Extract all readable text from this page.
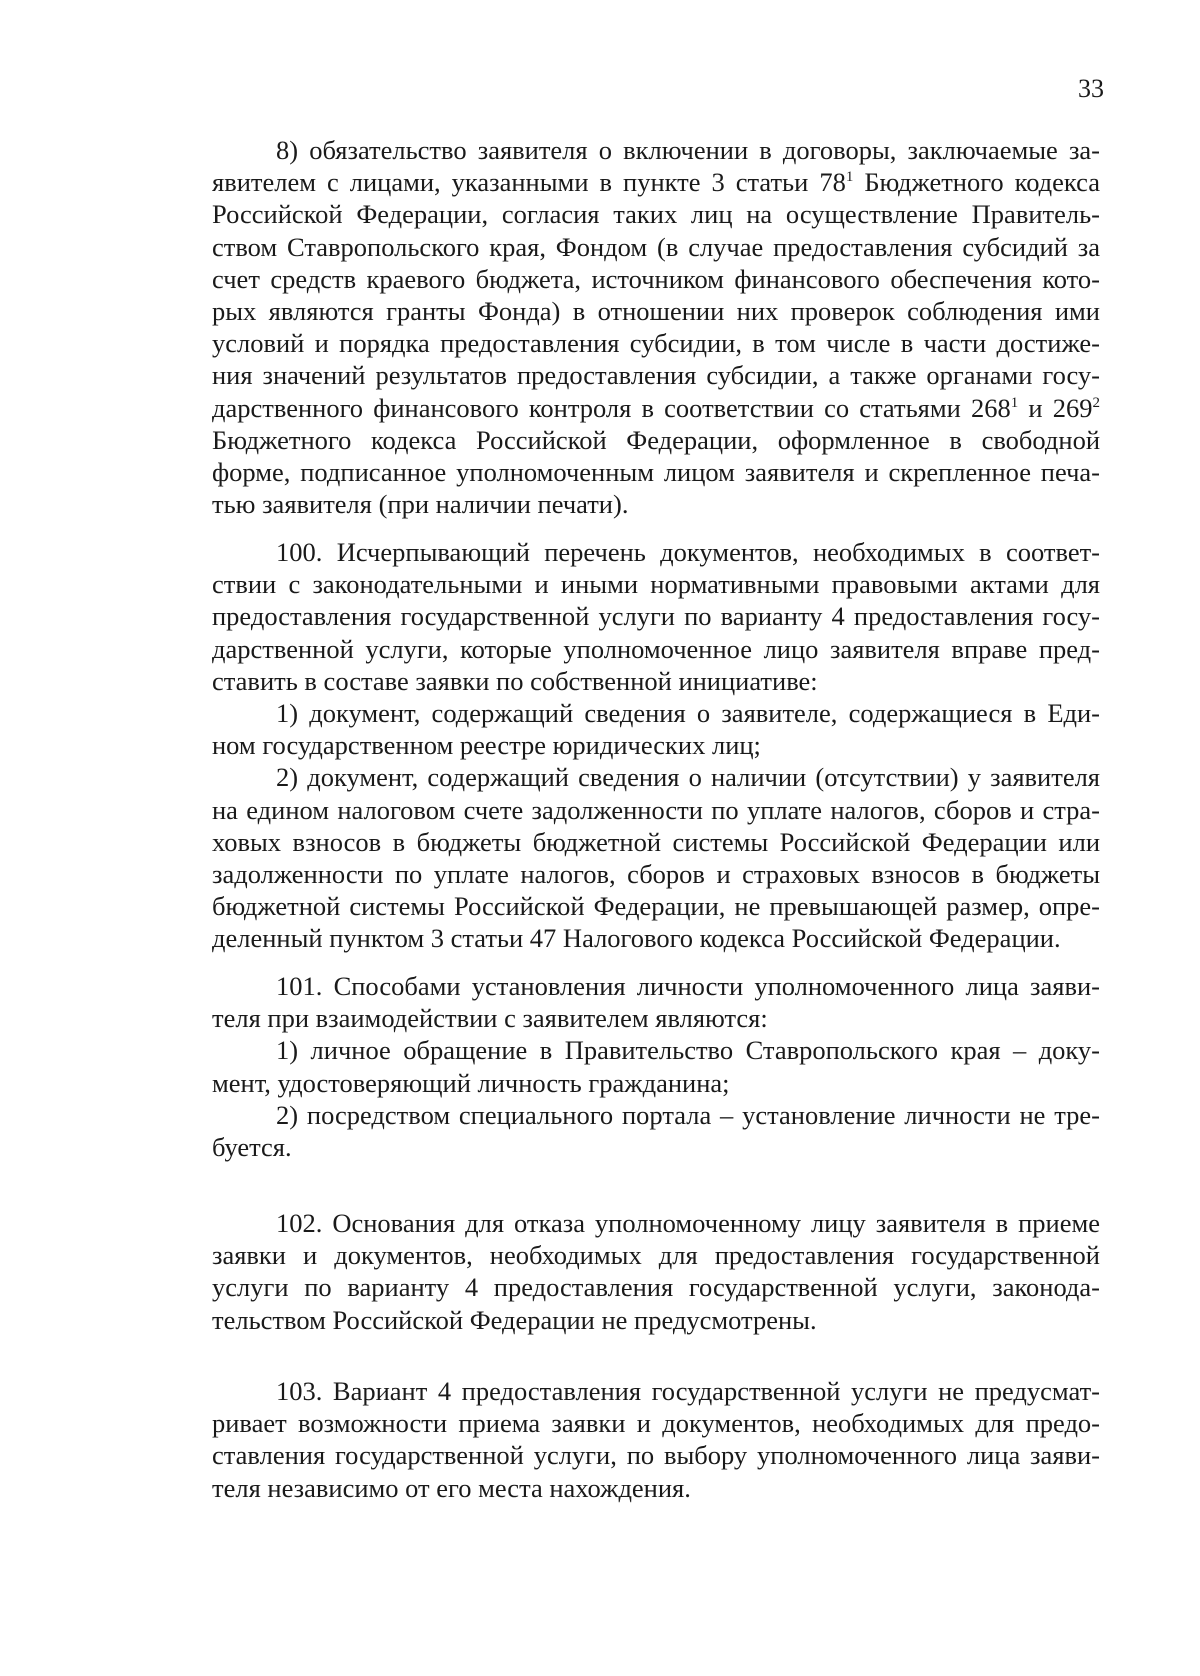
33
8) обязательство заявителя о включении в договоры, заключаемые за-
явителем с лицами, указанными в пункте 3 статьи $78^1$ Бюджетного кодекса
Российской Федерации, согласия таких лиц на осуществление Правитель-
ством Ставропольского края, Фондом (в случае предоставления субсидий за
счет средств краевого бюджета, источником финансового обеспечения кото-
рых являются гранты Фонда) в отношении них проверок соблюдения ими
условий и порядка предоставления субсидии, в том числе в части достиже-
ния значений результатов предоставления субсидии, а также органами госу-
дарственного финансового контроля в соответствии со статьями $268^1$ и $269^2$
Бюджетного кодекса Российской Федерации, оформленное в свободной
форме, подписанное уполномоченным лицом заявителя и скрепленное печа-
тью заявителя (при наличии печати).
100. Исчерпывающий перечень документов, необходимых в соответ-
ствии с законодательными и иными нормативными правовыми актами для
предоставления государственной услуги по варианту 4 предоставления госу-
дарственной услуги, которые уполномоченное лицо заявителя вправе пред-
ставить в составе заявки по собственной инициативе:
1) документ, содержащий сведения о заявителе, содержащиеся в Еди-
ном государственном реестре юридических лиц;
2) документ, содержащий сведения о наличии (отсутствии) у заявителя
на едином налоговом счете задолженности по уплате налогов, сборов и стра-
ховых взносов в бюджеты бюджетной системы Российской Федерации или
задолженности по уплате налогов, сборов и страховых взносов в бюджеты
бюджетной системы Российской Федерации, не превышающей размер, опре-
деленный пунктом 3 статьи 47 Налогового кодекса Российской Федерации.
101. Способами установления личности уполномоченного лица заяви-
теля при взаимодействии с заявителем являются:
1) личное обращение в Правительство Ставропольского края – доку-
мент, удостоверяющий личность гражданина;
2) посредством специального портала – установление личности не тре-
буется.
102. Основания для отказа уполномоченному лицу заявителя в приеме
заявки и документов, необходимых для предоставления государственной
услуги по варианту 4 предоставления государственной услуги, законода-
тельством Российской Федерации не предусмотрены.
103. Вариант 4 предоставления государственной услуги не предусмат-
ривает возможности приема заявки и документов, необходимых для предо-
ставления государственной услуги, по выбору уполномоченного лица заяви-
теля независимо от его места нахождения.
